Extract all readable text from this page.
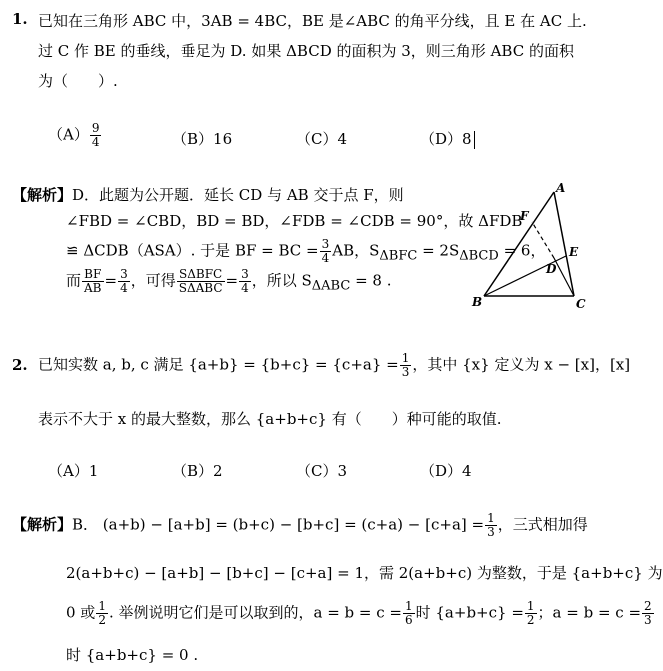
1. 已知在三角形 ABC 中，3AB = 4BC，BE 是∠ABC 的角平分线，且 E 在 AC 上.
过 C 作 BE 的垂线，垂足为 D. 如果 ΔBCD 的面积为 3，则三角形 ABC 的面积
为（　　）.
$(A) \frac{9}{4}$	（B）16	（C）4	（D）8
【解析】D．此题为公开题．延长 CD 与 AB 交于点 F，则
∠FBD = ∠CBD，BD = BD，∠FDB = ∠CDB = 90°，故 ΔFDB
≌ ΔCDB（ASA）. 于是 BF = BC = $\frac{3}{4}$ AB，$S_{\Delta BFC} = 2S_{\Delta BCD} = 6$，
而 $\frac{BF}{AB} = \frac{3}{4}$ ，可得 $\frac{\text{SΔBFC}}{\text{SΔABC}} = \frac{3}{4}$ ，所以 $S_{\Delta ABC} = 8$ .
A
B	C
D
E
F
2. 已知实数 a, b, c 满足 $\{a+b\} = \{b+c\} = \{c+a\} = \frac{1}{3}$ ，其中 {x} 定义为 x − [x]，[x]
表示不大于 x 的最大整数，那么 {a+b+c} 有（　　）种可能的取值.
（A）1	（B）2	（C）3	（D）4
【解析】B． $(a+b) - [a+b] = (b+c) - [b+c] = (c+a) - [c+a] = \frac{1}{3}$ ，三式相加得
2(a+b+c) − [a+b] − [b+c] − [c+a] = 1，需 2(a+b+c) 为整数，于是 {a+b+c} 为
0 或 $\frac{1}{2}$ . 举例说明它们是可以取到的，$a = b = c = \frac{1}{6}$ 时 $\{a+b+c\} = \frac{1}{2}$ ；$a = b = c = \frac{2}{3}$
时 {a+b+c} = 0 .
